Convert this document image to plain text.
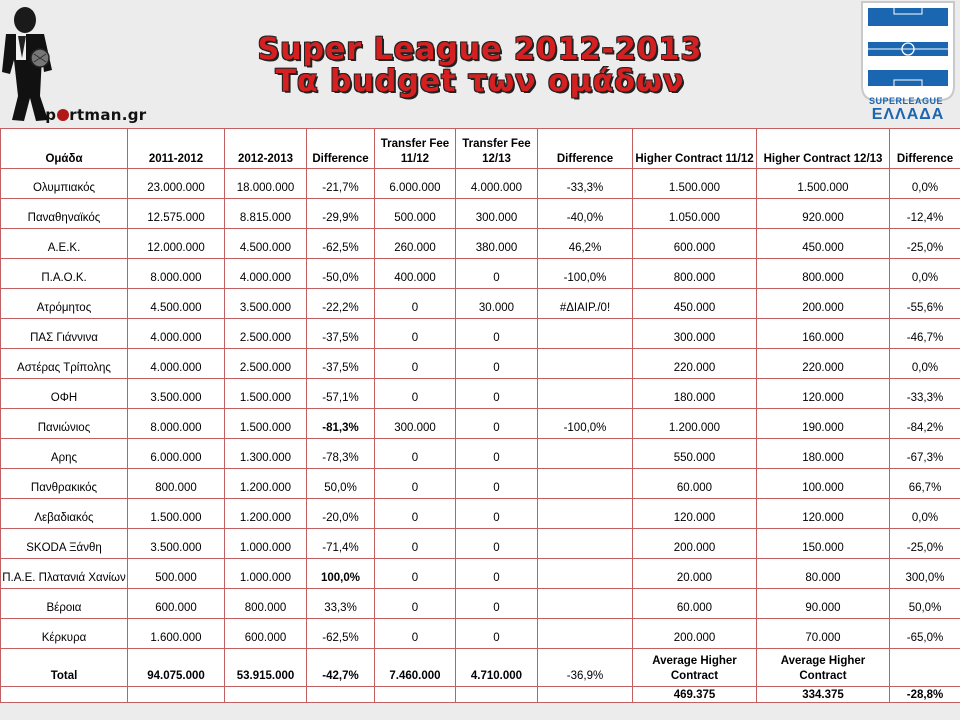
sp rtman.gr
Super League 2012-2013
Τα budget των ομάδων
SUPERLEAGUE
ΕΛΛΑΔΑ
Ομάδα	2011-2012	2012-2013	Difference	Transfer Fee 11/12	Transfer Fee 12/13	Difference	Higher Contract 11/12	Higher Contract 12/13	Difference
Ολυμπιακός	23.000.000	18.000.000	-21,7%	6.000.000	4.000.000	-33,3%	1.500.000	1.500.000	0,0%
Παναθηναϊκός	12.575.000	8.815.000	-29,9%	500.000	300.000	-40,0%	1.050.000	920.000	-12,4%
Α.Ε.Κ.	12.000.000	4.500.000	-62,5%	260.000	380.000	46,2%	600.000	450.000	-25,0%
Π.Α.Ο.Κ.	8.000.000	4.000.000	-50,0%	400.000	0	-100,0%	800.000	800.000	0,0%
Ατρόμητος	4.500.000	3.500.000	-22,2%	0	30.000	#ΔΙΑΙΡ./0!	450.000	200.000	-55,6%
ΠΑΣ Γιάννινα	4.000.000	2.500.000	-37,5%	0	0		300.000	160.000	-46,7%
Αστέρας Τρίπολης	4.000.000	2.500.000	-37,5%	0	0		220.000	220.000	0,0%
ΟΦΗ	3.500.000	1.500.000	-57,1%	0	0		180.000	120.000	-33,3%
Πανιώνιος	8.000.000	1.500.000	-81,3%	300.000	0	-100,0%	1.200.000	190.000	-84,2%
Αρης	6.000.000	1.300.000	-78,3%	0	0		550.000	180.000	-67,3%
Πανθρακικός	800.000	1.200.000	50,0%	0	0		60.000	100.000	66,7%
Λεβαδιακός	1.500.000	1.200.000	-20,0%	0	0		120.000	120.000	0,0%
SKODA Ξάνθη	3.500.000	1.000.000	-71,4%	0	0		200.000	150.000	-25,0%
Π.Α.Ε. Πλατανιά Χανίων	500.000	1.000.000	100,0%	0	0		20.000	80.000	300,0%
Βέροια	600.000	800.000	33,3%	0	0		60.000	90.000	50,0%
Κέρκυρα	1.600.000	600.000	-62,5%	0	0		200.000	70.000	-65,0%
Total	94.075.000	53.915.000	-42,7%	7.460.000	4.710.000	-36,9%	Average Higher Contract	Average Higher Contract	
							469.375	334.375	-28,8%
